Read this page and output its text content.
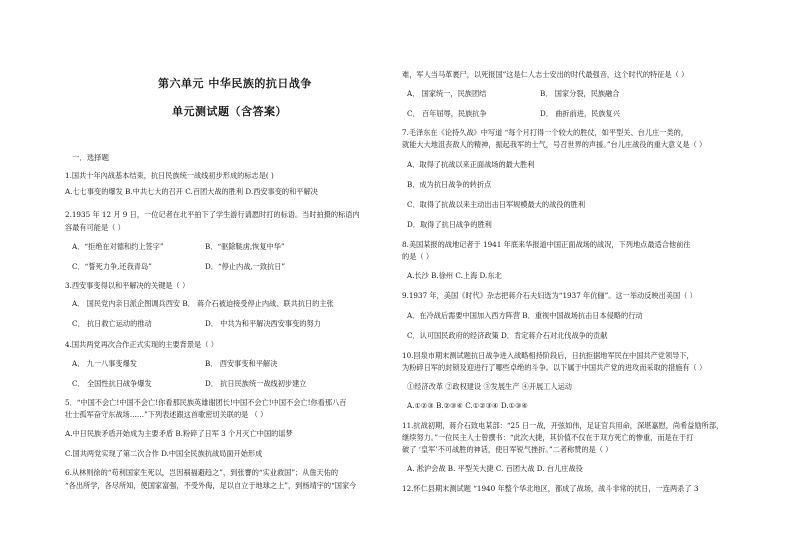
第六单元 中华民族的抗日战争
单元测试题（含答案）
一．选择题
1.国共十年內战基本结束，抗日民族统一战线初步形成的标志是( )
A.七七事变的爆发 B.中共七大的召开 C.百团大战的胜利 D.西安事变的和平解决
2.1935 年 12 月 9 日，一位记者在北平拍下了学生游行请愿时打的标语。当时拍摄的标语内
容最有可能是（ ）
A．“拒绝在对德和约上签字”	B．“驱除鞑虏,恢复中华”
C．“誓死力争,还我青岛”	D．“停止内战,一致抗日”
3.西安事变得以和平解决的关键是（ ）
A． 国民党内亲日派企图调兵西安 B． 蒋介石被迫接受停止内战、联共抗日的主张
C． 抗日救亡运动的推动	D． 中共为和平解决西安事变的努力
4.国共两党再次合作正式实现的主要背景是（ ）
A． 九一八事变爆发	B． 西安事变和平解决
C． 全国性抗日战争爆发	D． 抗日民族统一战线初步建立
5．“中国不会亡!中国不会亡!你看那民族英雄谢团长!中国不会亡!中国不会亡!你看那八百
壮士孤军奋守东战场……”下列表述跟这首歌密切关联的是 （ ）
A.中日民族矛盾开始成为主要矛盾 B.粉碎了日军 3 个月灭亡中国的谣梦
C.国共两党实现了第二次合作 D.中国全民族抗战局面开始形成
6.从林则徐的“苟利国家生死以，岂因祸福避趋之”，到张謇的“实业救国”；从詹天佑的
“各出所学，各尽所知，使国家富强，不受外侮，足以自立于地球之上”，到杨靖宇的“国家今
难，军人当马革裹尸，以死报国”这是仁人志士安出的时代最强音，这个时代的特征是（ ）
A． 国家统一，民族团结	B． 国家分裂，民族融合
C． 百年屈辱，民族抗争	D． 曲折前进，民族复兴
7.毛泽东在《论持久战》中写道 “每个月打得一个较大的胜仗，如平型关、台儿庄一类的，
就能大大地沮丧敌人的精神，振起我军的士气，号召世界的声援。”台儿庄战役的重大意义是（ ）
A．取得了抗战以来正面战场的最大胜利
B．成为抗日战争的转折点
C．取得了抗战以来主动出击日军规模最大的战役的胜利
D．取得了抗日战争的胜利
8.美国某报的战地记者于 1941 年底来华报道中国正面战场的战况，下列地点最适合他前往
的是（ ）
A.长沙 B.徐州 C.上海 D.东北
9.1937 年，美国《时代》杂志把蒋介石夫妇选为“1937 年伉俪”。这一举动反映出美国（ ）
A．在冷战后需要中国加入西方阵营 B．重视中国战场抗击日本侵略的行动
C．认可国民政府的经济政策 D．肯定蒋介石对北伐战争的贡献
10.回泉市期末测试题抗日战争进入战略相持阶段后，日抗拒据地军民在中国共产党领导下，
为粉碎日军的封锁及迎进行了哪些卓绝的斗争。以下属于中国共产党的进攻而采取的措施有（ ）
①经济改革 ②政权建设 ③发展生产 ④开展工人运动
A.①②③ B.②③④ C.①②③④ D.①③④
11.抗战初期，蒋介石致电某部：“25 日一战，开弦如伟，足证官兵用命，深堪嘉慰，尚希益励所部，
继续努力。”一位民主人士曾撰书：“此次大捷，其价值不仅在于双方死亡的惨重，而是在于打
破了 ‘皇军’不可战胜的神话，使日军锐气挫折。”二者称赞的是（ ）
A. 淞沪会战 B. 平型关大捷 C. 百团大战 D. 台儿庄战役
12.怀仁县期末测试题 “1940 年整个华北地区，都成了战场，战斗非常的扰日，一连两杀了 3
